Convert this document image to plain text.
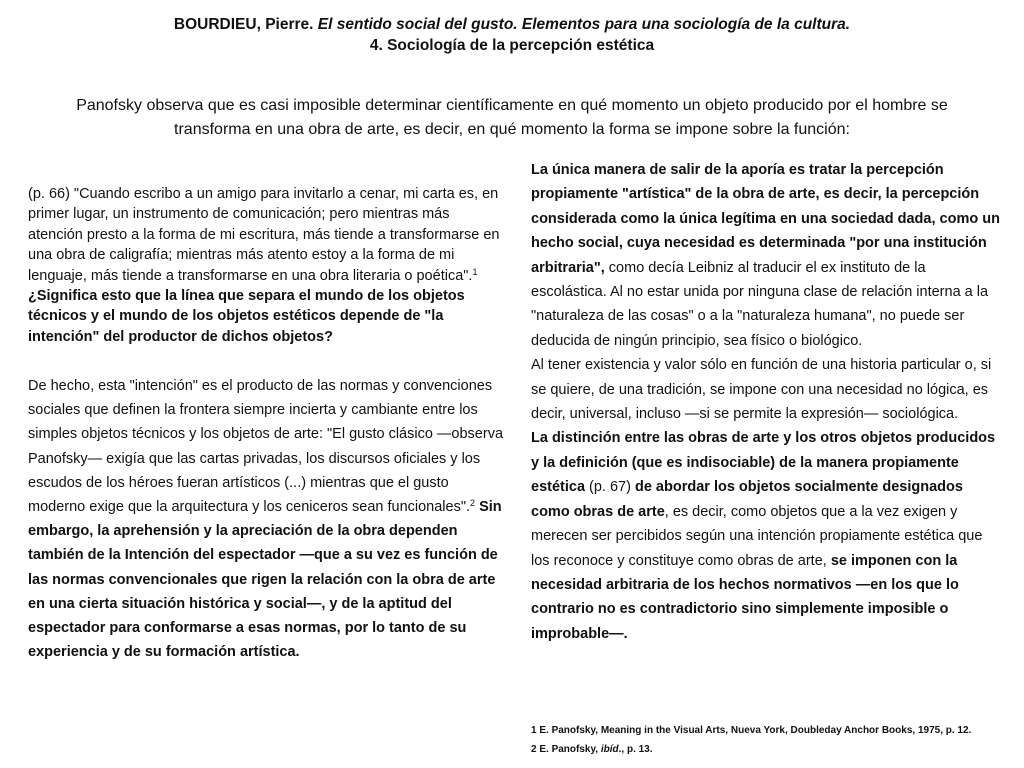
BOURDIEU, Pierre. El sentido social del gusto. Elementos para una sociología de la cultura.
4. Sociología de la percepción estética
Panofsky observa que es casi imposible determinar científicamente en qué momento un objeto producido por el hombre se transforma en una obra de arte, es decir, en qué momento la forma se impone sobre la función:
(p. 66) "Cuando escribo a un amigo para invitarlo a cenar, mi carta es, en primer lugar, un instrumento de comunicación; pero mientras más atención presto a la forma de mi escritura, más tiende a transformarse en una obra de caligrafía; mientras más atento estoy a la forma de mi lenguaje, más tiende a transformarse en una obra literaria o poética".$^1$ ¿Significa esto que la línea que separa el mundo de los objetos técnicos y el mundo de los objetos estéticos depende de "la intención" del productor de dichos objetos?
De hecho, esta "intención" es el producto de las normas y convenciones sociales que definen la frontera siempre incierta y cambiante entre los simples objetos técnicos y los objetos de arte: "El gusto clásico —observa Panofsky— exigía que las cartas privadas, los discursos oficiales y los escudos de los héroes fueran artísticos (...) mientras que el gusto moderno exige que la arquitectura y los ceniceros sean funcionales".$^2$ Sin embargo, la aprehensión y la apreciación de la obra dependen también de la Intención del espectador —que a su vez es función de las normas convencionales que rigen la relación con la obra de arte en una cierta situación histórica y social—, y de la aptitud del espectador para conformarse a esas normas, por lo tanto de su experiencia y de su formación artística.
La única manera de salir de la aporía es tratar la percepción propiamente "artística" de la obra de arte, es decir, la percepción considerada como la única legítima en una sociedad dada, como un hecho social, cuya necesidad es determinada "por una institución arbitraria", como decía Leibniz al traducir el ex instituto de la escolástica. Al no estar unida por ninguna clase de relación interna a la "naturaleza de las cosas" o a la "naturaleza humana", no puede ser deducida de ningún principio, sea físico o biológico.
Al tener existencia y valor sólo en función de una historia particular o, si se quiere, de una tradición, se impone con una necesidad no lógica, es decir, universal, incluso —si se permite la expresión— sociológica.
La distinción entre las obras de arte y los otros objetos producidos y la definición (que es indisociable) de la manera propiamente estética (p. 67) de abordar los objetos socialmente designados como obras de arte, es decir, como objetos que a la vez exigen y merecen ser percibidos según una intención propiamente estética que los reconoce y constituye como obras de arte, se imponen con la necesidad arbitraria de los hechos normativos —en los que lo contrario no es contradictorio sino simplemente imposible o improbable—.
1 E. Panofsky, Meaning in the Visual Arts, Nueva York, Doubleday Anchor Books, 1975, p. 12.
2 E. Panofsky, ibíd., p. 13.
